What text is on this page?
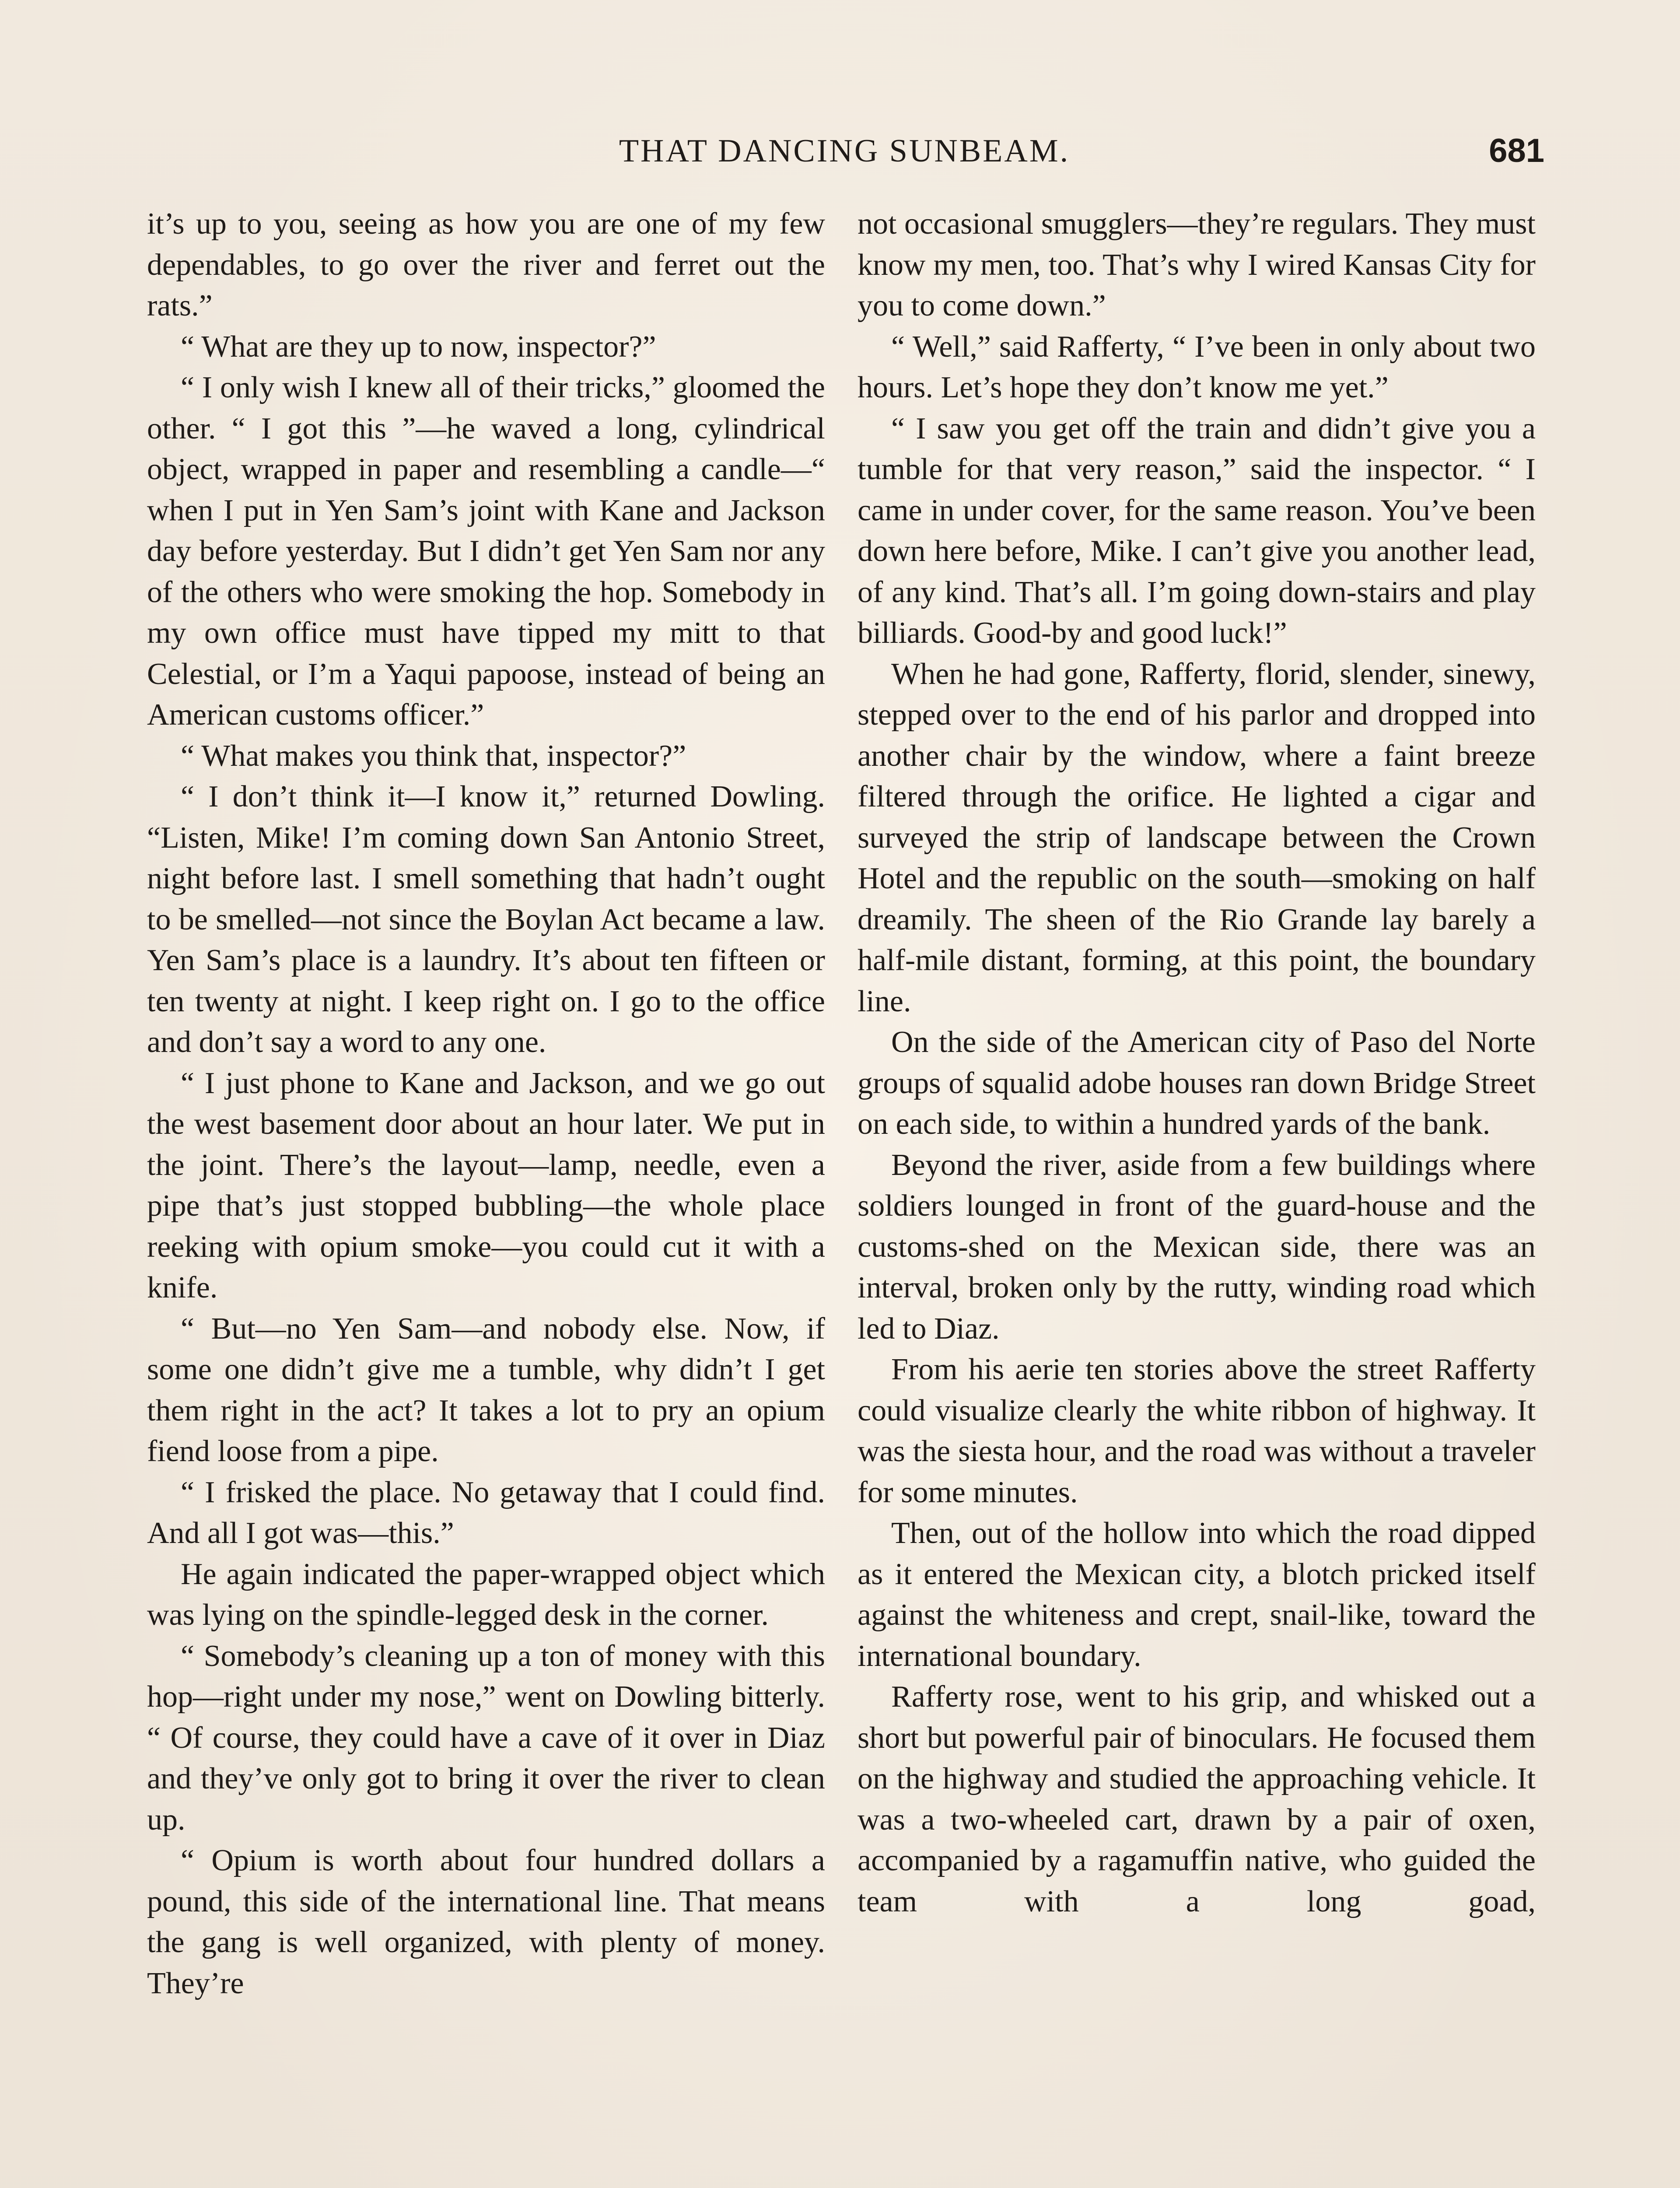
THAT DANCING SUNBEAM.	681

it’s up to you, seeing as how you are one of my few dependables, to go over the river and ferret out the rats.”

“ What are they up to now, inspector?”

“ I only wish I knew all of their tricks,” gloomed the other. “ I got this ”—he waved a long, cylindrical object, wrapped in paper and resembling a candle—“ when I put in Yen Sam’s joint with Kane and Jackson day before yesterday. But I didn’t get Yen Sam nor any of the others who were smoking the hop. Somebody in my own office must have tipped my mitt to that Celestial, or I’m a Yaqui papoose, instead of being an American customs officer.”

“ What makes you think that, inspector?”

“ I don’t think it—I know it,” returned Dowling. “Listen, Mike! I’m coming down San Antonio Street, night before last. I smell something that hadn’t ought to be smelled—not since the Boylan Act became a law. Yen Sam’s place is a laundry. It’s about ten fifteen or ten twenty at night. I keep right on. I go to the office and don’t say a word to any one.

“ I just phone to Kane and Jackson, and we go out the west basement door about an hour later. We put in the joint. There’s the layout—lamp, needle, even a pipe that’s just stopped bubbling—the whole place reeking with opium smoke—you could cut it with a knife.

“ But—no Yen Sam—and nobody else. Now, if some one didn’t give me a tumble, why didn’t I get them right in the act? It takes a lot to pry an opium fiend loose from a pipe.

“ I frisked the place. No getaway that I could find. And all I got was—this.”

He again indicated the paper-wrapped object which was lying on the spindle-legged desk in the corner.

“ Somebody’s cleaning up a ton of money with this hop—right under my nose,” went on Dowling bitterly. “ Of course, they could have a cave of it over in Diaz and they’ve only got to bring it over the river to clean up.

“ Opium is worth about four hundred dollars a pound, this side of the international line. That means the gang is well organized, with plenty of money. They’re

not occasional smugglers—they’re regulars. They must know my men, too. That’s why I wired Kansas City for you to come down.”

“ Well,” said Rafferty, “ I’ve been in only about two hours. Let’s hope they don’t know me yet.”

“ I saw you get off the train and didn’t give you a tumble for that very reason,” said the inspector. “ I came in under cover, for the same reason. You’ve been down here before, Mike. I can’t give you another lead, of any kind. That’s all. I’m going down-stairs and play billiards. Good-by and good luck!”

When he had gone, Rafferty, florid, slender, sinewy, stepped over to the end of his parlor and dropped into another chair by the window, where a faint breeze filtered through the orifice. He lighted a cigar and surveyed the strip of landscape between the Crown Hotel and the republic on the south—smoking on half dreamily. The sheen of the Rio Grande lay barely a half-mile distant, forming, at this point, the boundary line.

On the side of the American city of Paso del Norte groups of squalid adobe houses ran down Bridge Street on each side, to within a hundred yards of the bank.

Beyond the river, aside from a few buildings where soldiers lounged in front of the guard-house and the customs-shed on the Mexican side, there was an interval, broken only by the rutty, winding road which led to Diaz.

From his aerie ten stories above the street Rafferty could visualize clearly the white ribbon of highway. It was the siesta hour, and the road was without a traveler for some minutes.

Then, out of the hollow into which the road dipped as it entered the Mexican city, a blotch pricked itself against the whiteness and crept, snail-like, toward the international boundary.

Rafferty rose, went to his grip, and whisked out a short but powerful pair of binoculars. He focused them on the highway and studied the approaching vehicle. It was a two-wheeled cart, drawn by a pair of oxen, accompanied by a ragamuffin native, who guided the team with a long goad,
